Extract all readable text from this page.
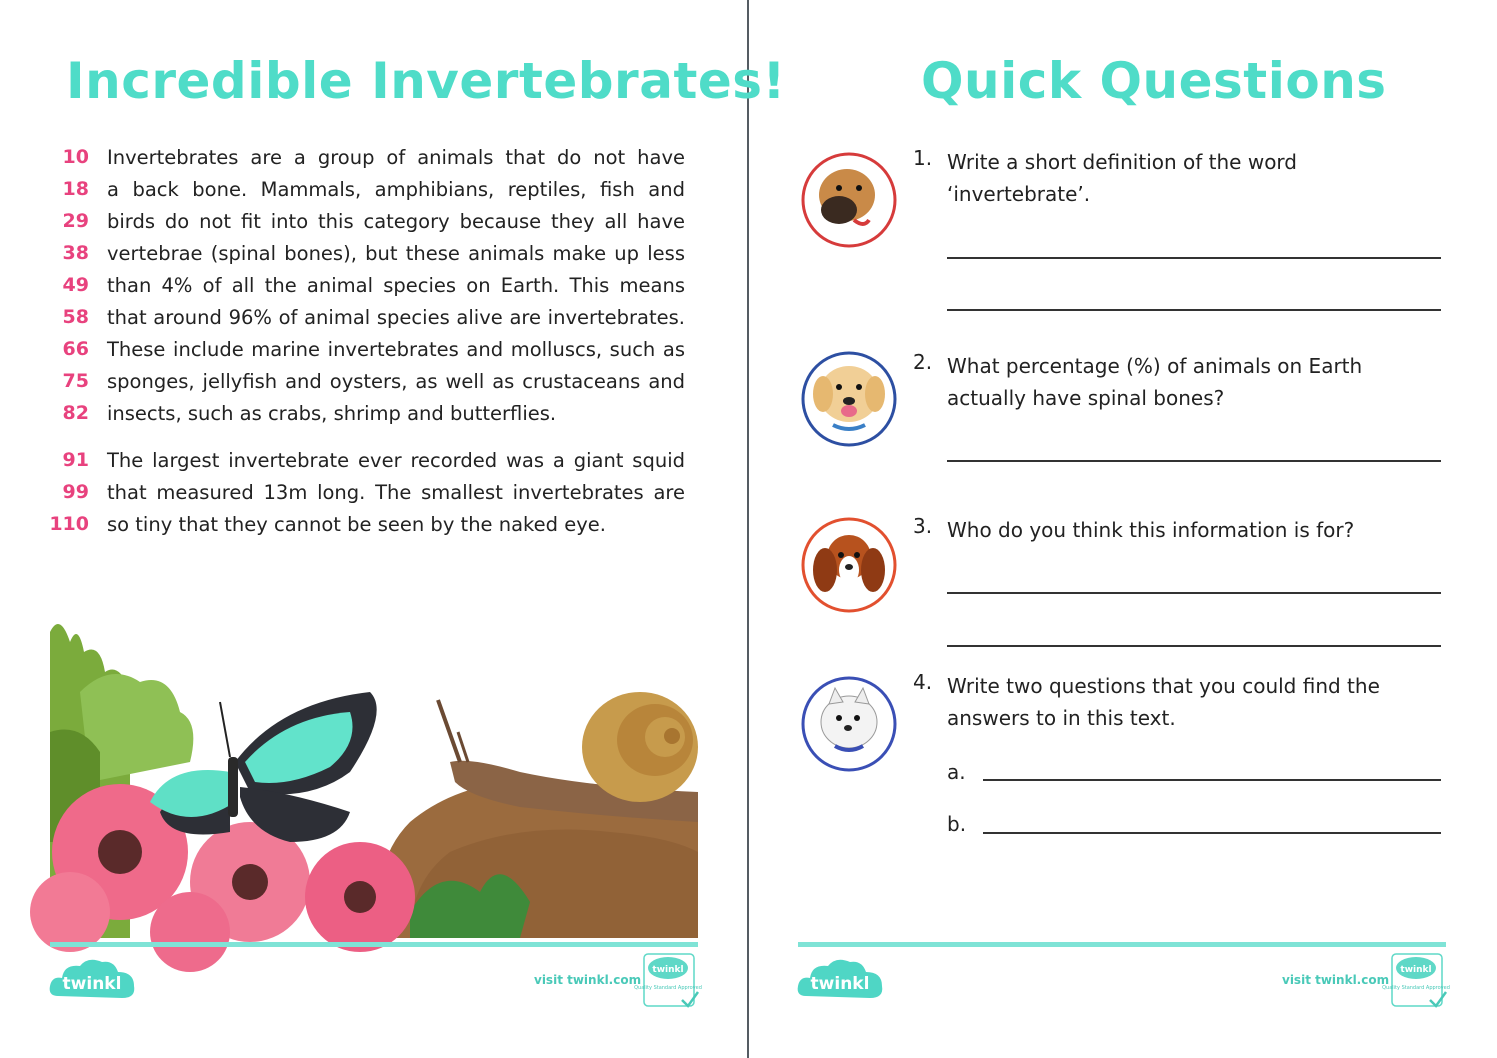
Incredible Invertebrates!
10 Invertebrates are a group of animals that do not have
18 a back bone. Mammals, amphibians, reptiles, fish and
29 birds do not fit into this category because they all have
38 vertebrae (spinal bones), but these animals make up less
49 than 4% of all the animal species on Earth. This means
58 that around 96% of animal species alive are invertebrates.
66 These include marine invertebrates and molluscs, such as
75 sponges, jellyfish and oysters, as well as crustaceans and
82 insects, such as crabs, shrimp and butterflies.
91 The largest invertebrate ever recorded was a giant squid
99 that measured 13m long. The smallest invertebrates are
110 so tiny that they cannot be seen by the naked eye.
twinkl	visit twinkl.com
twinkl
Quality Standard Approved
Quick Questions
1. Write a short definition of the word
‘invertebrate’.
2. What percentage (%) of animals on Earth
actually have spinal bones?
3. Who do you think this information is for?
4. Write two questions that you could find the
answers to in this text.
a.
b.
twinkl	visit twinkl.com
twinkl
Quality Standard Approved
